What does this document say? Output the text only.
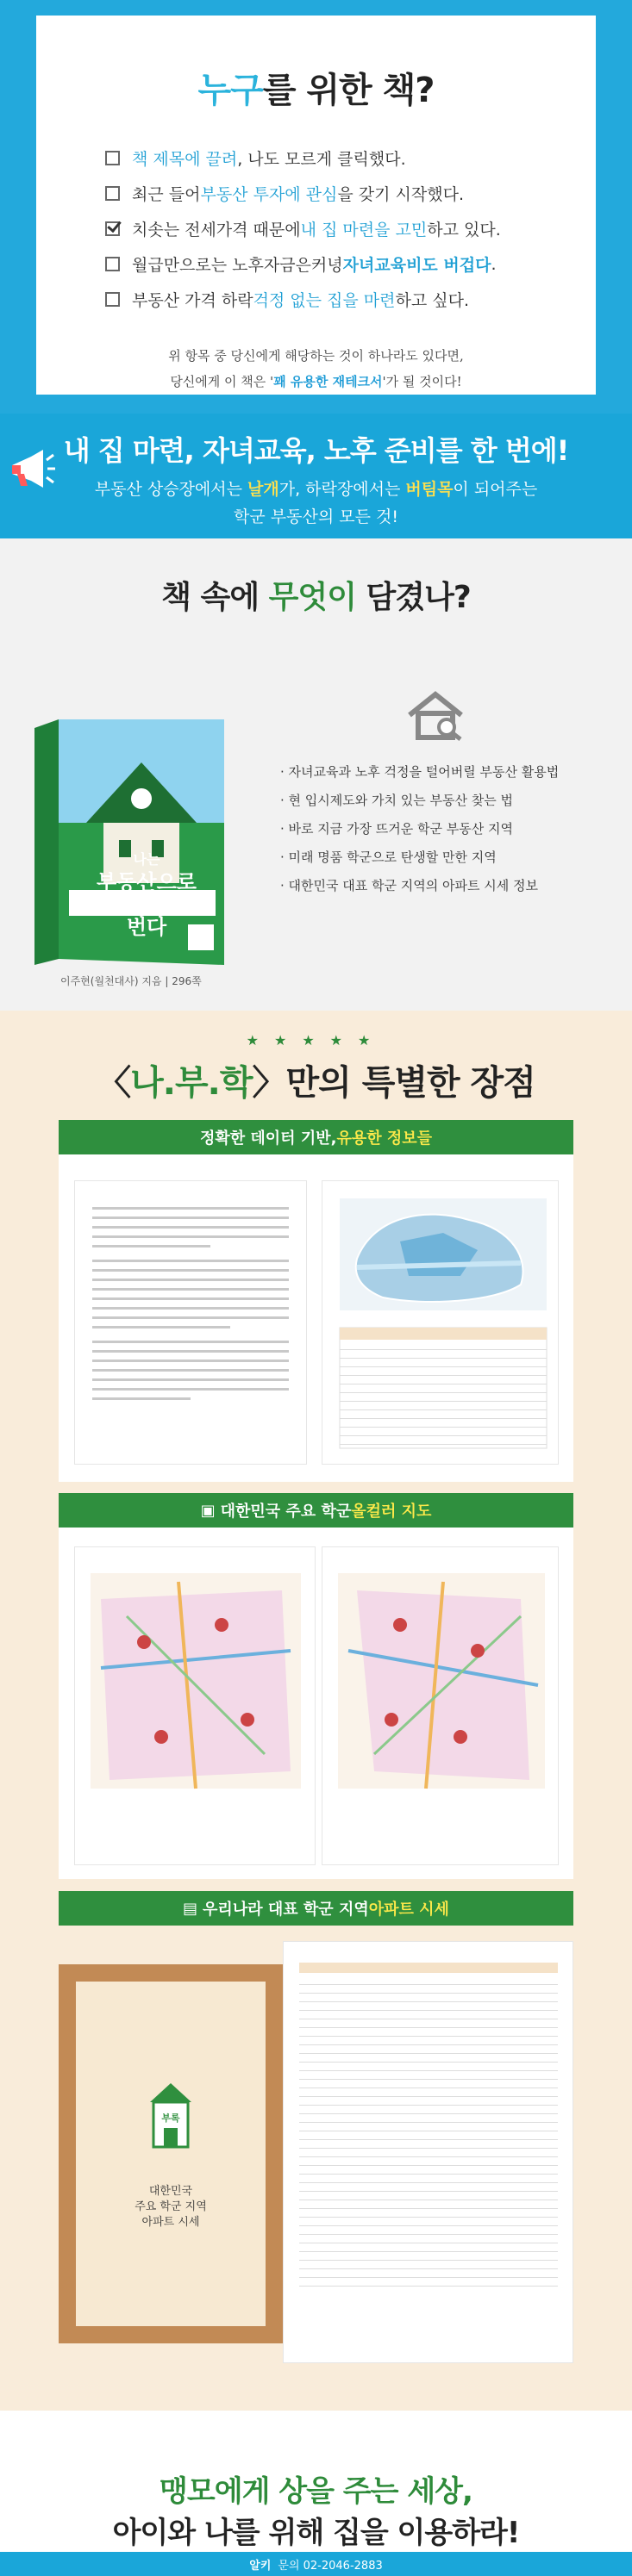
누구를 위한 책?
책 제목에 끌려 , 나도 모르게 클릭했다.
최근 들어 부동산 투자에 관심 을 갖기 시작했다.
치솟는 전세가격 때문에 내 집 마련을 고민 하고 있다.
월급만으로는 노후자금은커녕 자녀교육비도 버겁다 .
부동산 가격 하락 걱정 없는 집을 마련 하고 싶다.
위 항목 중 당신에게 해당하는 것이 하나라도 있다면,
당신에게 이 책은 '꽤 유용한 재테크서'가 될 것이다!
내 집 마련, 자녀교육, 노후 준비를 한 번에!
부동산 상승장에서는 날개가, 하락장에서는 버팀목이 되어주는
학군 부동산의 모든 것!
책 속에 무엇이 담겼나?
나는
부동산으로
아이 학비
번다
이주현(월천대사) 지음 | 296쪽
· 자녀교육과 노후 걱정을 털어버릴 부동산 활용법
· 현 입시제도와 가치 있는 부동산 찾는 법
· 바로 지금 가장 뜨거운 학군 부동산 지역
· 미래 명품 학군으로 탄생할 만한 지역
· 대한민국 대표 학군 지역의 아파트 시세 정보
★★★★★
〈나.부.학〉만의 특별한 장점
정확한 데이터 기반, 유용한 정보들
▣ 대한민국 주요 학군 올컬러 지도
▤ 우리나라 대표 학군 지역 아파트 시세
부록
대한민국
주요 학군 지역
아파트 시세
맹모에게 상을 주는 세상,
아이와 나를 위해 집을 이용하라!
알키 문의 02-2046-2883
